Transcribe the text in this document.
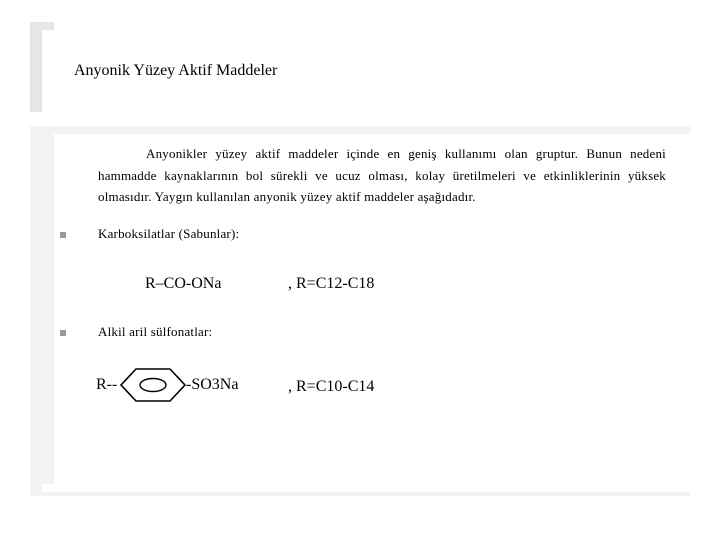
Anyonik Yüzey Aktif Maddeler

Anyonikler yüzey aktif maddeler içinde en geniş kullanımı olan gruptur. Bunun nedeni hammadde kaynaklarının bol sürekli ve ucuz olması, kolay üretilmeleri ve etkinliklerinin yüksek olmasıdır. Yaygın kullanılan anyonik yüzey aktif maddeler aşağıdadır.

Karboksilatlar (Sabunlar):
R–CO-ONa	, R=C12-C18
Alkil aril sülfonatlar:
R--	-SO3Na	, R=C10-C14
